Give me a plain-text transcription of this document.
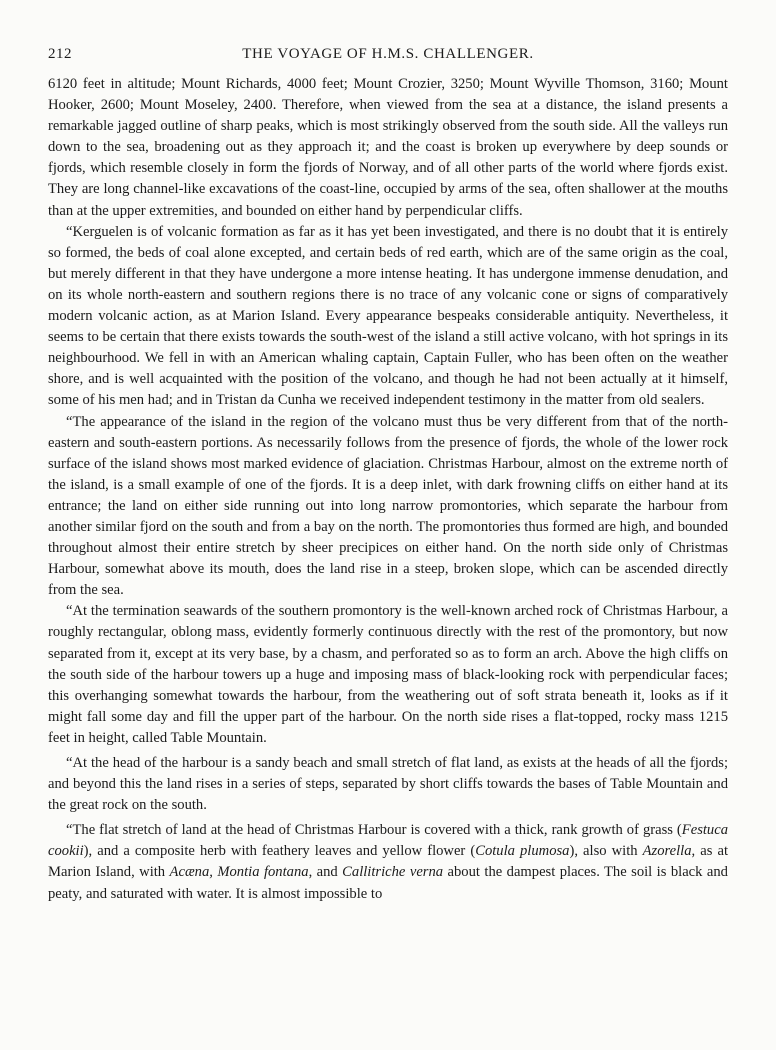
212	THE VOYAGE OF H.M.S. CHALLENGER.

6120 feet in altitude; Mount Richards, 4000 feet; Mount Crozier, 3250; Mount Wyville Thomson, 3160; Mount Hooker, 2600; Mount Moseley, 2400. Therefore, when viewed from the sea at a distance, the island presents a remarkable jagged outline of sharp peaks, which is most strikingly observed from the south side. All the valleys run down to the sea, broadening out as they approach it; and the coast is broken up everywhere by deep sounds or fjords, which resemble closely in form the fjords of Norway, and of all other parts of the world where fjords exist. They are long channel-like excavations of the coast-line, occupied by arms of the sea, often shallower at the mouths than at the upper extremities, and bounded on either hand by perpendicular cliffs.

“Kerguelen is of volcanic formation as far as it has yet been investigated, and there is no doubt that it is entirely so formed, the beds of coal alone excepted, and certain beds of red earth, which are of the same origin as the coal, but merely different in that they have undergone a more intense heating. It has undergone immense denudation, and on its whole north-eastern and southern regions there is no trace of any volcanic cone or signs of comparatively modern volcanic action, as at Marion Island. Every appearance bespeaks considerable antiquity. Nevertheless, it seems to be certain that there exists towards the south-west of the island a still active volcano, with hot springs in its neighbourhood. We fell in with an American whaling captain, Captain Fuller, who has been often on the weather shore, and is well acquainted with the position of the volcano, and though he had not been actually at it himself, some of his men had; and in Tristan da Cunha we received independent testimony in the matter from old sealers.

“The appearance of the island in the region of the volcano must thus be very different from that of the north-eastern and south-eastern portions. As necessarily follows from the presence of fjords, the whole of the lower rock surface of the island shows most marked evidence of glaciation. Christmas Harbour, almost on the extreme north of the island, is a small example of one of the fjords. It is a deep inlet, with dark frowning cliffs on either hand at its entrance; the land on either side running out into long narrow promontories, which separate the harbour from another similar fjord on the south and from a bay on the north. The promontories thus formed are high, and bounded throughout almost their entire stretch by sheer precipices on either hand. On the north side only of Christmas Harbour, somewhat above its mouth, does the land rise in a steep, broken slope, which can be ascended directly from the sea.

“At the termination seawards of the southern promontory is the well-known arched rock of Christmas Harbour, a roughly rectangular, oblong mass, evidently formerly continuous directly with the rest of the promontory, but now separated from it, except at its very base, by a chasm, and perforated so as to form an arch. Above the high cliffs on the south side of the harbour towers up a huge and imposing mass of black-looking rock with perpendicular faces; this overhanging somewhat towards the harbour, from the weathering out of soft strata beneath it, looks as if it might fall some day and fill the upper part of the harbour. On the north side rises a flat-topped, rocky mass 1215 feet in height, called Table Mountain.

“At the head of the harbour is a sandy beach and small stretch of flat land, as exists at the heads of all the fjords; and beyond this the land rises in a series of steps, separated by short cliffs towards the bases of Table Mountain and the great rock on the south.

“The flat stretch of land at the head of Christmas Harbour is covered with a thick, rank growth of grass (Festuca cookii), and a composite herb with feathery leaves and yellow flower (Cotula plumosa), also with Azorella, as at Marion Island, with Acæna, Montia fontana, and Callitriche verna about the dampest places. The soil is black and peaty, and saturated with water. It is almost impossible to
